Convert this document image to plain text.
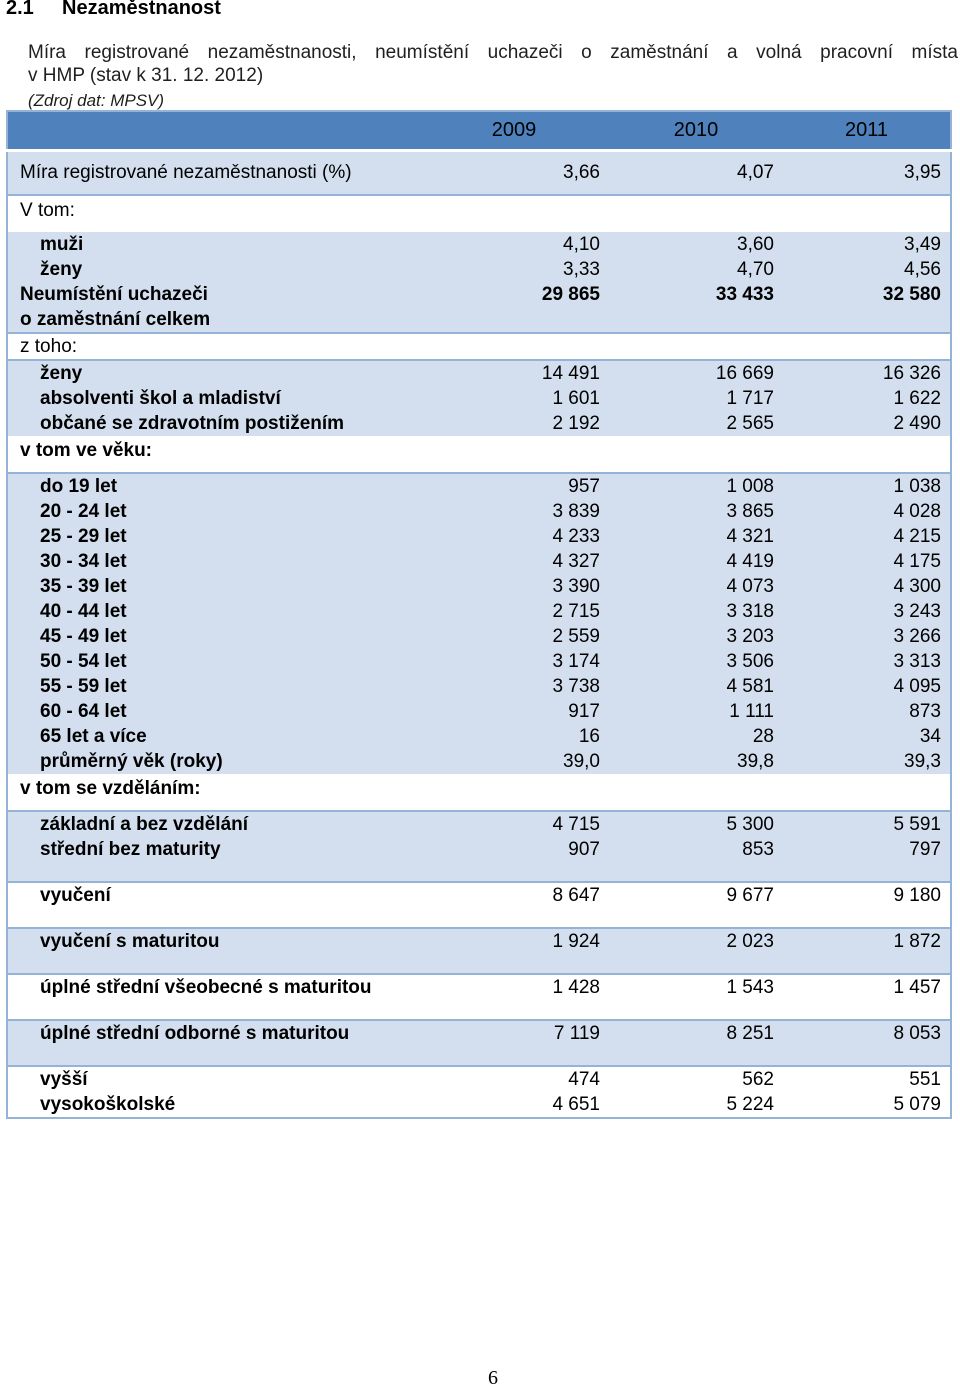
2.1 Nezaměstnanost
Míra registrované nezaměstnanosti, neumístění uchazeči o zaměstnání a volná pracovní místa
v HMP (stav k 31. 12. 2012)
(Zdroj dat: MPSV)
	2009	2010	2011
Míra registrované nezaměstnanosti (%)	3,66	4,07	3,95
V tom:			
muži	4,10	3,60	3,49
ženy	3,33	4,70	4,56

Neumístění uchazeči
o zaměstnání celkem	29 865	33 433	32 580
z toho:			
ženy	14 491	16 669	16 326
absolventi škol a mladiství	1 601	1 717	1 622
občané se zdravotním postižením	2 192	2 565	2 490
v tom ve věku:			
do 19 let	957	1 008	1 038
20 - 24 let	3 839	3 865	4 028
25 - 29 let	4 233	4 321	4 215
30 - 34 let	4 327	4 419	4 175
35 - 39 let	3 390	4 073	4 300
40 - 44 let	2 715	3 318	3 243
45 - 49 let	2 559	3 203	3 266
50 - 54 let	3 174	3 506	3 313
55 - 59 let	3 738	4 581	4 095
60 - 64 let	917	1 111	873
65 let a více	16	28	34
průměrný věk (roky)	39,0	39,8	39,3
v tom se vzděláním:			
základní a bez vzdělání	4 715	5 300	5 591
střední bez maturity	907	853	797
vyučení	8 647	9 677	9 180
vyučení s maturitou	1 924	2 023	1 872
úplné střední všeobecné s maturitou	1 428	1 543	1 457
úplné střední odborné s maturitou	7 119	8 251	8 053
vyšší	474	562	551
vysokoškolské	4 651	5 224	5 079
6
